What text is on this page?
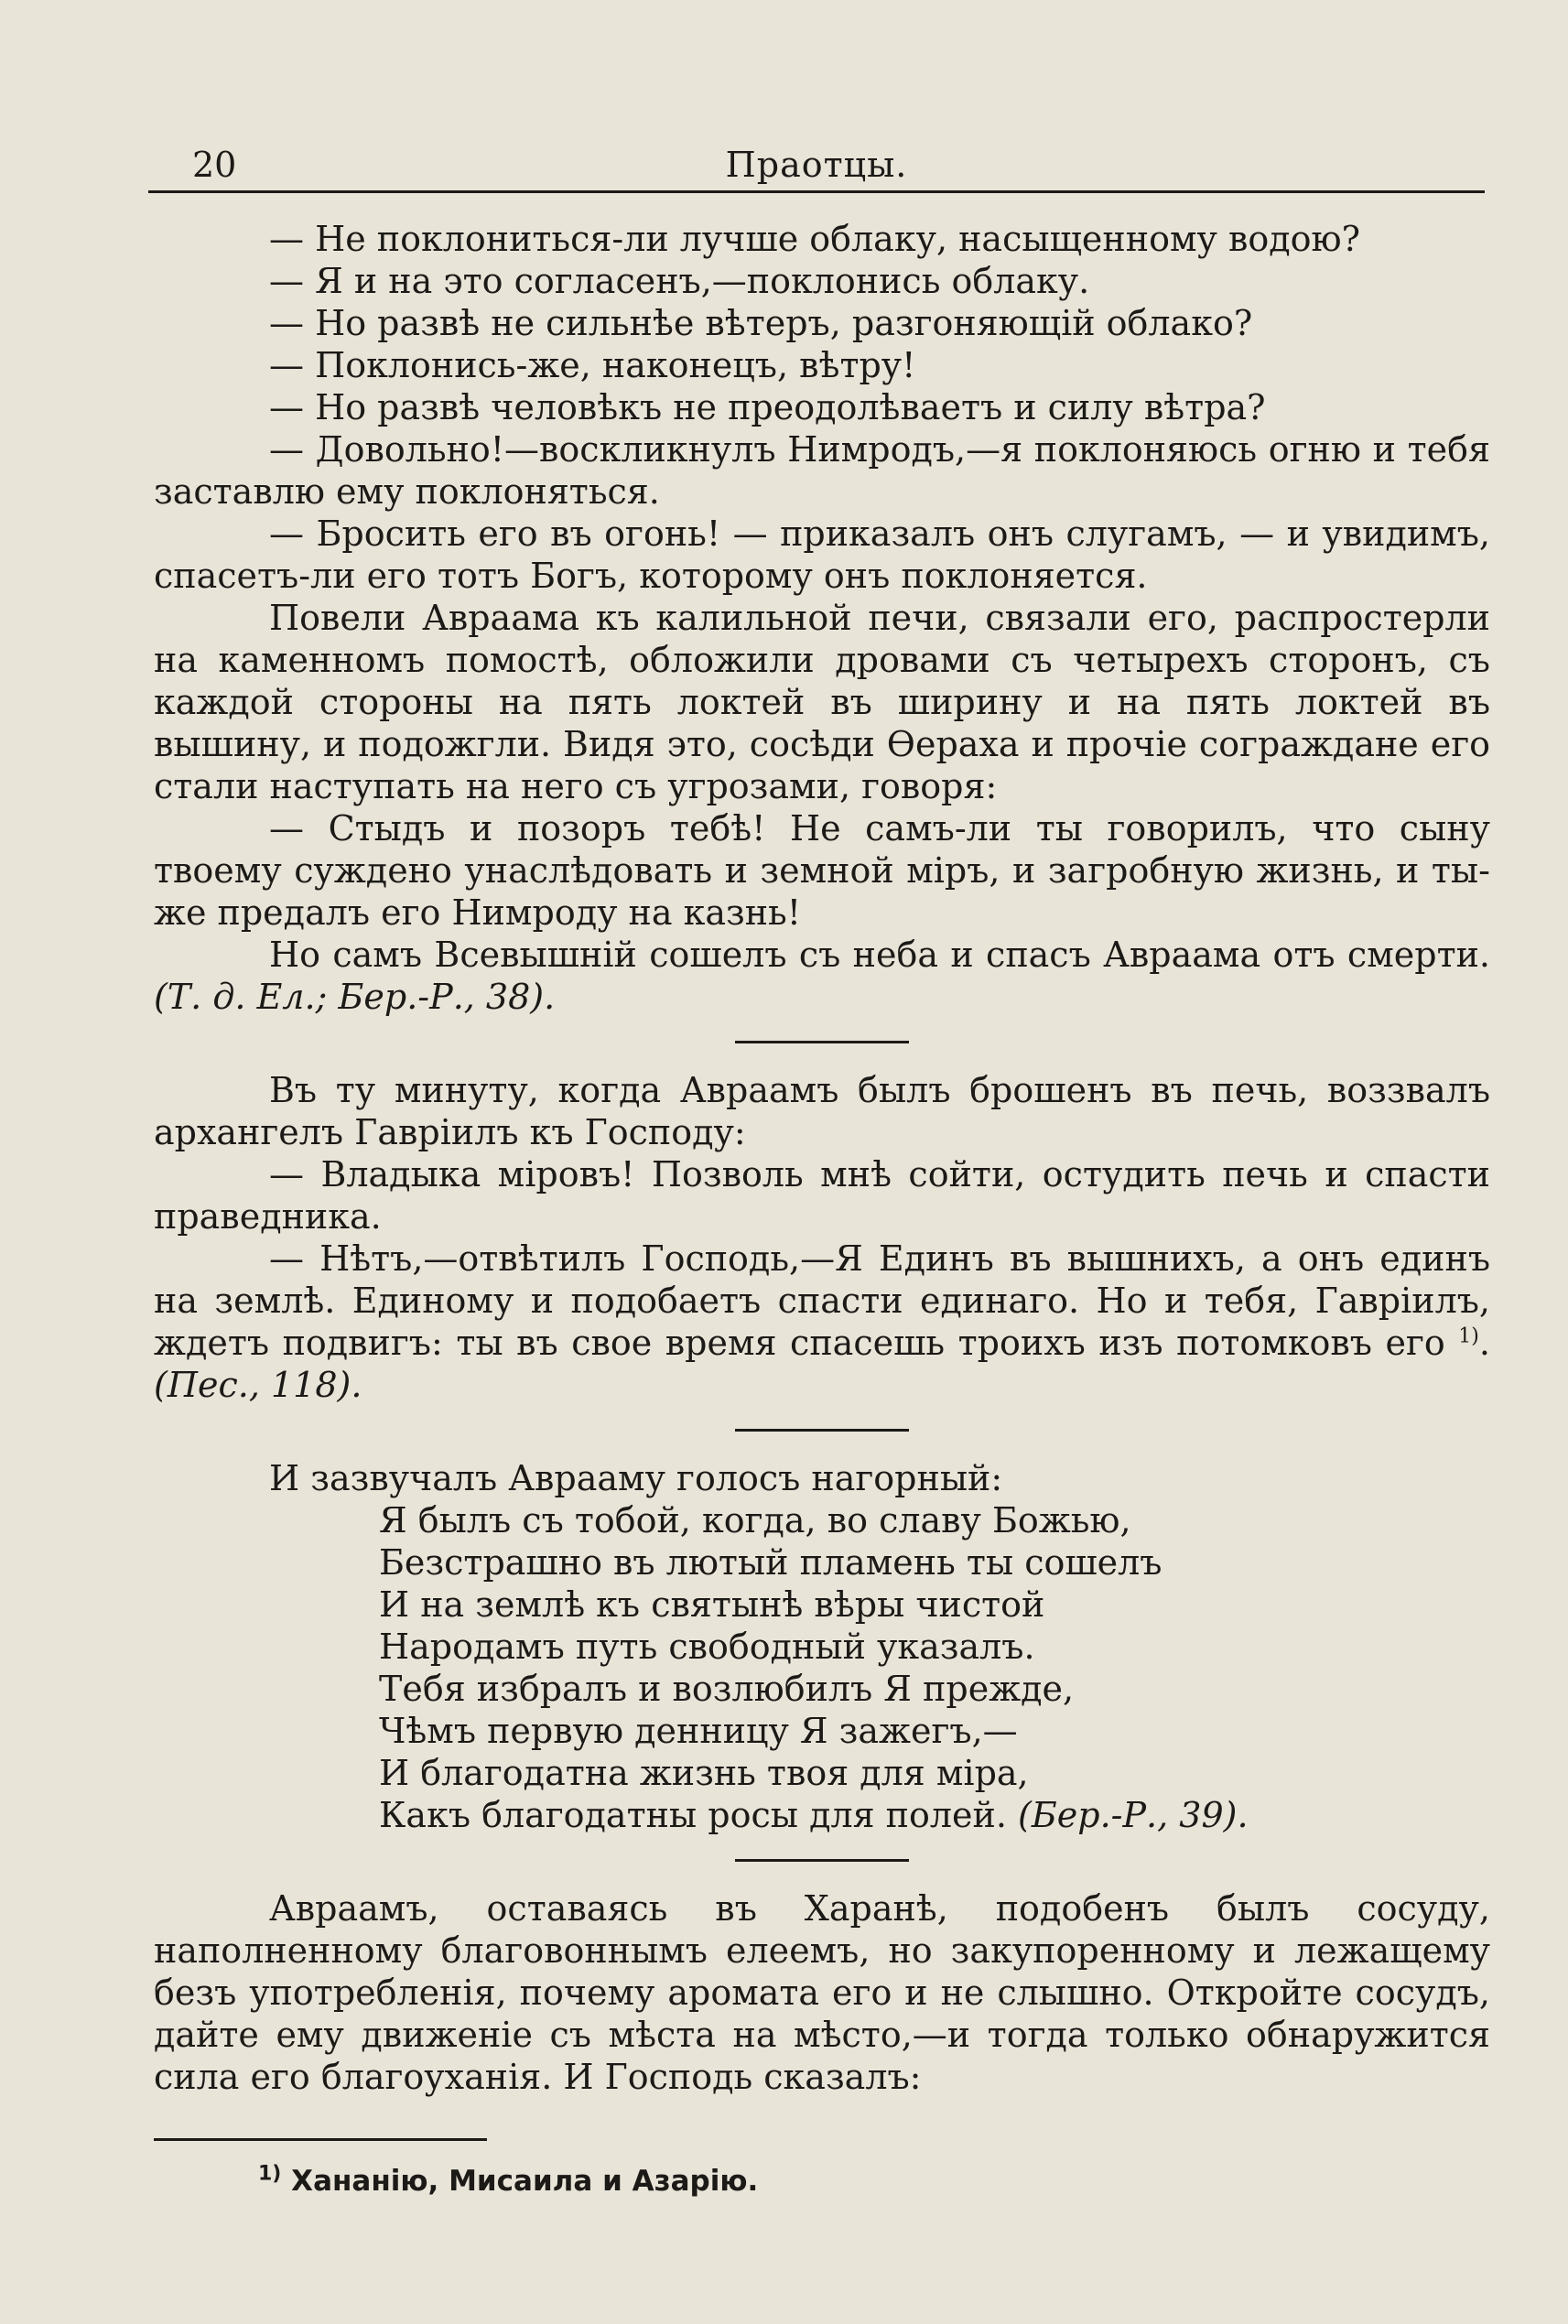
20	Праотцы.

— Не поклониться-ли лучше облаку, насыщенному водою?

— Я и на это согласенъ,—поклонись облаку.

— Но развѣ не сильнѣе вѣтеръ, разгоняющій облако?

— Поклонись-же, наконецъ, вѣтру!

— Но развѣ человѣкъ не преодолѣваетъ и силу вѣтра?

— Довольно!—воскликнулъ Нимродъ,—я поклоняюсь огню и тебя заставлю ему поклоняться.

— Бросить его въ огонь! — приказалъ онъ слугамъ, — и увидимъ, спасетъ-ли его тотъ Богъ, которому онъ поклоняется.

Повели Авраама къ калильной печи, связали его, распростерли на каменномъ помостѣ, обложили дровами съ четырехъ сторонъ, съ каждой стороны на пять локтей въ ширину и на пять локтей въ вышину, и подожгли. Видя это, сосѣди Ѳераха и прочіе сограждане его стали наступать на него съ угрозами, говоря:

— Стыдъ и позоръ тебѣ! Не самъ-ли ты говорилъ, что сыну твоему суждено унаслѣдовать и земной міръ, и загробную жизнь, и ты-же предалъ его Нимроду на казнь!

Но самъ Всевышній сошелъ съ неба и спасъ Авраама отъ смерти. (Т. д. Ел.; Бер.-Р., 38).

Въ ту минуту, когда Авраамъ былъ брошенъ въ печь, воззвалъ архангелъ Гавріилъ къ Господу:

— Владыка міровъ! Позволь мнѣ сойти, остудить печь и спасти праведника.

— Нѣтъ,—отвѣтилъ Господь,—Я Единъ въ вышнихъ, а онъ единъ на землѣ. Единому и подобаетъ спасти единаго. Но и тебя, Гавріилъ, ждетъ подвигъ: ты въ свое время спасешь троихъ изъ потомковъ его $^{1)}$. (Пес., 118).

И зазвучалъ Аврааму голосъ нагорный:

Я былъ съ тобой, когда, во славу Божью,

Безстрашно въ лютый пламень ты сошелъ

И на землѣ къ святынѣ вѣры чистой

Народамъ путь свободный указалъ.

Тебя избралъ и возлюбилъ Я прежде,

Чѣмъ первую денницу Я зажегъ,—

И благодатна жизнь твоя для міра,

Какъ благодатны росы для полей. (Бер.-Р., 39).

Авраамъ, оставаясь въ Харанѣ, подобенъ былъ сосуду, наполненному благовоннымъ елеемъ, но закупоренному и лежащему безъ употребленія, почему аромата его и не слышно. Откройте сосудъ, дайте ему движеніе съ мѣста на мѣсто,—и тогда только обнаружится сила его благоуханія. И Господь сказалъ:

$^{1)}$ Хананію, Мисаила и Азарію.
